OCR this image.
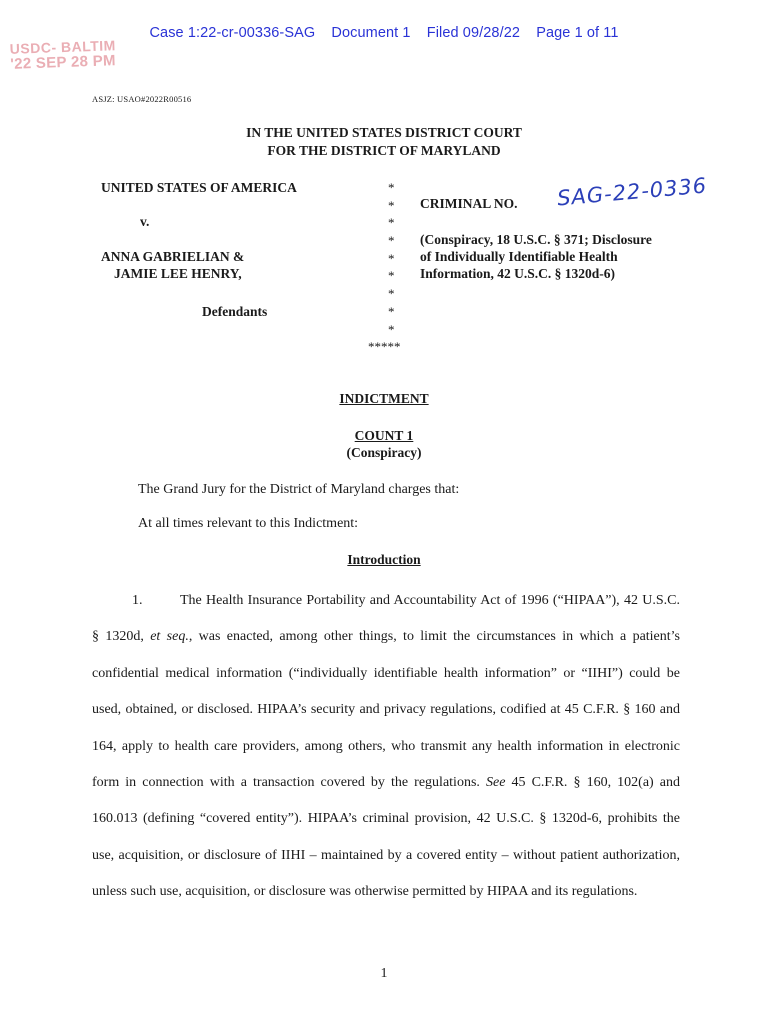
Case 1:22-cr-00336-SAG Document 1 Filed 09/28/22 Page 1 of 11
USDC- BALTIM
'22 SEP 28 PM
ASJZ: USAO#2022R00516
IN THE UNITED STATES DISTRICT COURT
FOR THE DISTRICT OF MARYLAND
UNITED STATES OF AMERICA
v.
ANNA GABRIELIAN &
JAMIE LEE HENRY,
Defendants
*
*
*
*
*
*
*
*
*
*****
CRIMINAL NO. SAG-22-0336
(Conspiracy, 18 U.S.C. § 371; Disclosure
of Individually Identifiable Health
Information, 42 U.S.C. § 1320d-6)
INDICTMENT
COUNT 1
(Conspiracy)
The Grand Jury for the District of Maryland charges that:
At all times relevant to this Indictment:
Introduction
1.	The Health Insurance Portability and Accountability Act of 1996 (“HIPAA”), 42 U.S.C. § 1320d, et seq., was enacted, among other things, to limit the circumstances in which a patient’s confidential medical information (“individually identifiable health information” or “IIHI”) could be used, obtained, or disclosed. HIPAA’s security and privacy regulations, codified at 45 C.F.R. § 160 and 164, apply to health care providers, among others, who transmit any health information in electronic form in connection with a transaction covered by the regulations. See 45 C.F.R. § 160, 102(a) and 160.013 (defining “covered entity”). HIPAA’s criminal provision, 42 U.S.C. § 1320d-6, prohibits the use, acquisition, or disclosure of IIHI – maintained by a covered entity – without patient authorization, unless such use, acquisition, or disclosure was otherwise permitted by HIPAA and its regulations.
1
